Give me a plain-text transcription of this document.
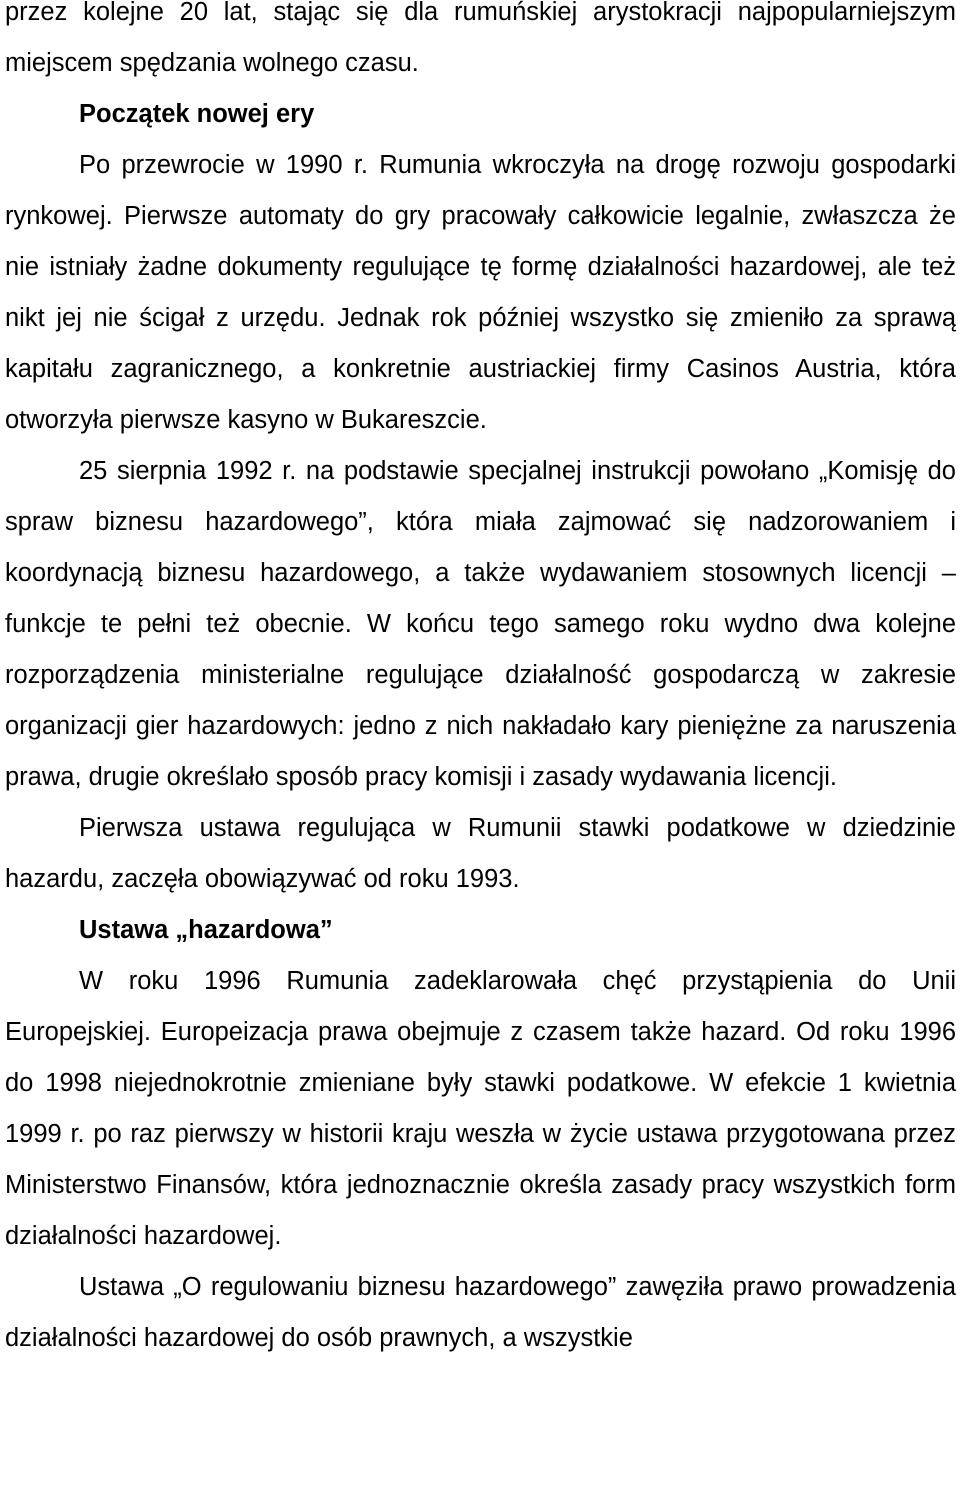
przez kolejne 20 lat, stając się dla rumuńskiej arystokracji najpopularniejszym miejscem spędzania wolnego czasu.

Początek nowej ery

Po przewrocie w 1990 r. Rumunia wkroczyła na drogę rozwoju gospodarki rynkowej. Pierwsze automaty do gry pracowały całkowicie legalnie, zwłaszcza że nie istniały żadne dokumenty regulujące tę formę działalności hazardowej, ale też nikt jej nie ścigał z urzędu. Jednak rok później wszystko się zmieniło za sprawą kapitału zagranicznego, a konkretnie austriackiej firmy Casinos Austria, która otworzyła pierwsze kasyno w Bukareszcie.

25 sierpnia 1992 r. na podstawie specjalnej instrukcji powołano „Komisję do spraw biznesu hazardowego”, która miała zajmować się nadzorowaniem i koordynacją biznesu hazardowego, a także wydawaniem stosownych licencji – funkcje te pełni też obecnie. W końcu tego samego roku wydno dwa kolejne rozporządzenia ministerialne regulujące działalność gospodarczą w zakresie organizacji gier hazardowych: jedno z nich nakładało kary pieniężne za naruszenia prawa, drugie określało sposób pracy komisji i zasady wydawania licencji.

Pierwsza ustawa regulująca w Rumunii stawki podatkowe w dziedzinie hazardu, zaczęła obowiązywać od roku 1993.

Ustawa „hazardowa”

W roku 1996 Rumunia zadeklarowała chęć przystąpienia do Unii Europejskiej. Europeizacja prawa obejmuje z czasem także hazard. Od roku 1996 do 1998 niejednokrotnie zmieniane były stawki podatkowe. W efekcie 1 kwietnia 1999 r. po raz pierwszy w historii kraju weszła w życie ustawa przygotowana przez Ministerstwo Finansów, która jednoznacznie określa zasady pracy wszystkich form działalności hazardowej.

Ustawa „O regulowaniu biznesu hazardowego” zawęziła prawo prowadzenia działalności hazardowej do osób prawnych, a wszystkie
